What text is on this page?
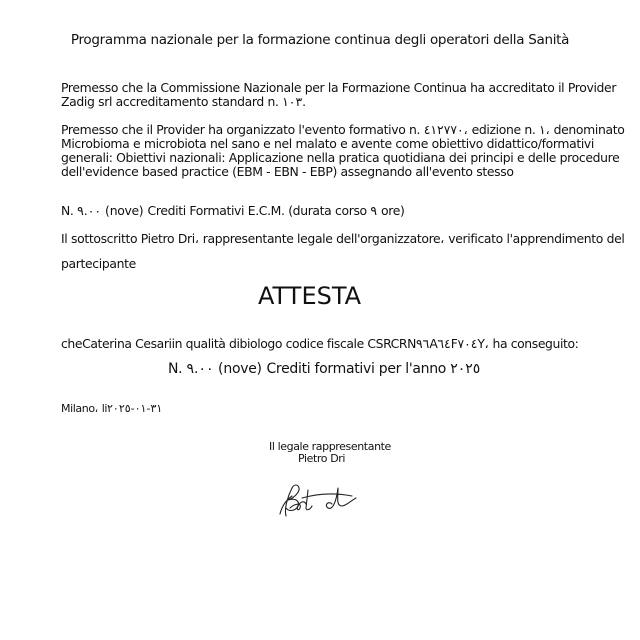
Programma nazionale per la formazione continua degli operatori della Sanità
Premesso che la Commissione Nazionale per la Formazione Continua ha accreditato il Provider
Zadig srl accreditamento standard n. ١٠٣.
Premesso che il Provider ha organizzato l'evento formativo n. ٤١٢٧٧٠، edizione n. ١، denominato
Microbioma e microbiota nel sano e nel malato e avente come obiettivo didattico/formativi
generali: Obiettivi nazionali: Applicazione nella pratica quotidiana dei principi e delle procedure
dell'evidence based practice (EBM - EBN - EBP) assegnando all'evento stesso
N. ٩.٠٠ (nove) Crediti Formativi E.C.M. (durata corso ٩ ore)
Il sottoscritto Pietro Dri، rappresentante legale dell'organizzatore، verificato l'apprendimento del
partecipante
ATTESTA
cheCaterina Cesariin qualità dibiologo codice fiscale CSRCRN٩٦A٦٤F٧٠٤Y، ha conseguito:
N. ٩.٠٠ (nove) Crediti formativi per l'anno ٢٠٢٥
Milano، li٣١-٠١-٢٠٢٥
Il legale rappresentante
Pietro Dri
